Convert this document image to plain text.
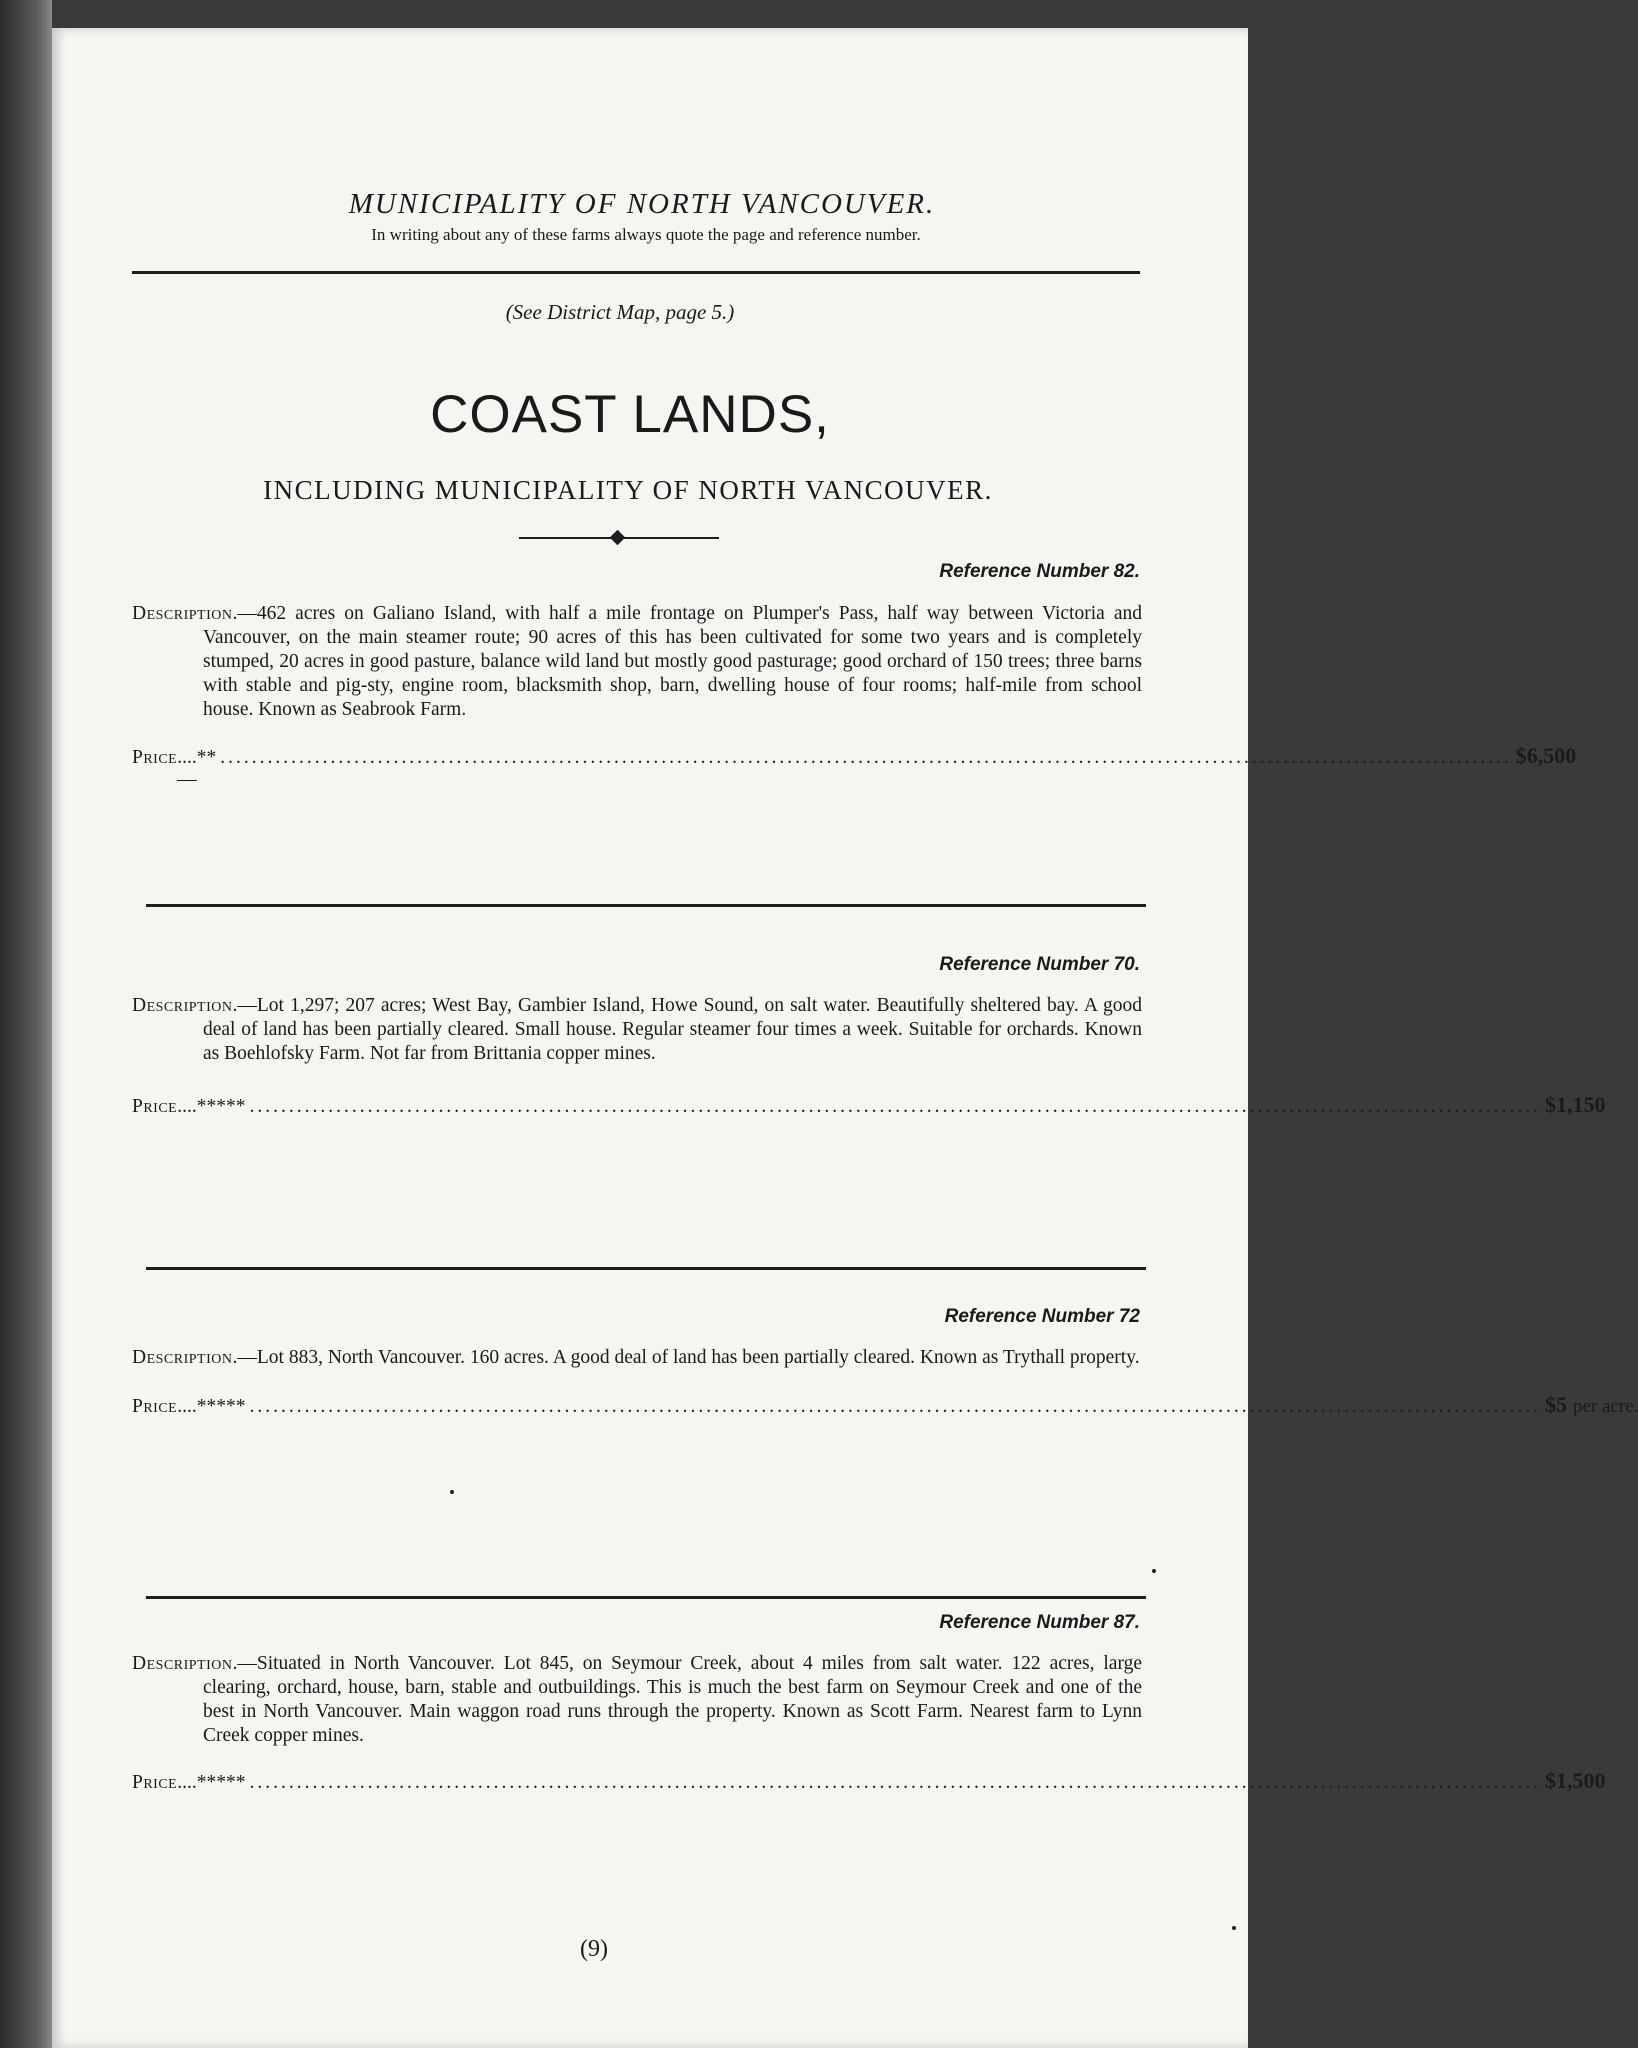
MUNICIPALITY OF NORTH VANCOUVER.
In writing about any of these farms always quote the page and reference number.
(See District Map, page 5.)
COAST LANDS,
INCLUDING MUNICIPALITY OF NORTH VANCOUVER.
Reference Number 82.

Description.—462 acres on Galiano Island, with half a mile frontage on Plumper's Pass, half way between Victoria and Vancouver, on the main steamer route; 90 acres of this has been cultivated for some two years and is completely stumped, 20 acres in good pasture, balance wild land but mostly good pasturage; good orchard of 150 trees; three barns with stable and pig-sty, engine room, blacksmith shop, barn, dwelling house of four rooms; half-mile from school house. Known as Seabrook Farm.

Price ....**—
.................................................................................................................................................................... $6,500
Reference Number 70.

Description.—Lot 1,297; 207 acres; West Bay, Gambier Island, Howe Sound, on salt water. Beautifully sheltered bay. A good deal of land has been partially cleared. Small house. Regular steamer four times a week. Suitable for orchards. Known as Boehlofsky Farm. Not far from Brittania copper mines.

Price ....***** .................................................................................................................................................................... $1,150
Reference Number 72

Description.—Lot 883, North Vancouver. 160 acres. A good deal of land has been partially cleared. Known as Trythall property.

Price ....***** .................................................................................................................................................................... $5 per acre.
Reference Number 87.

Description.—Situated in North Vancouver. Lot 845, on Seymour Creek, about 4 miles from salt water. 122 acres, large clearing, orchard, house, barn, stable and outbuildings. This is much the best farm on Seymour Creek and one of the best in North Vancouver. Main waggon road runs through the property. Known as Scott Farm. Nearest farm to Lynn Creek copper mines.

Price ....***** .................................................................................................................................................................... $1,500
(9)
